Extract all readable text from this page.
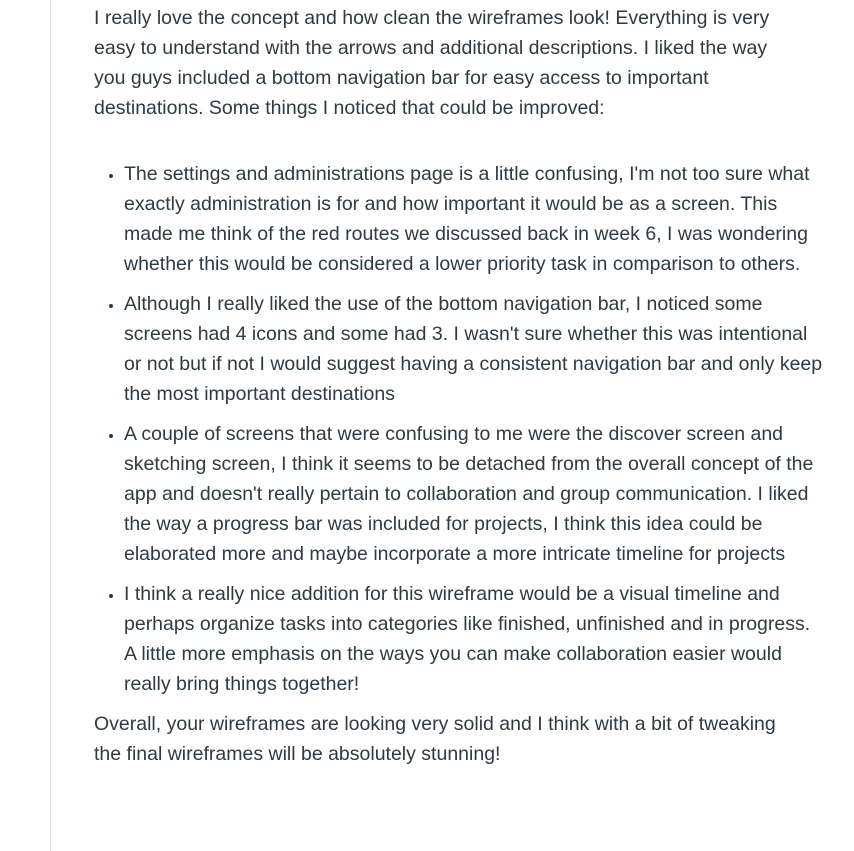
I really love the concept and how clean the wireframes look! Everything is very easy to understand with the arrows and additional descriptions. I liked the way you guys included a bottom navigation bar for easy access to important destinations. Some things I noticed that could be improved:

• The settings and administrations page is a little confusing, I'm not too sure what exactly administration is for and how important it would be as a screen. This made me think of the red routes we discussed back in week 6, I was wondering whether this would be considered a lower priority task in comparison to others.
• Although I really liked the use of the bottom navigation bar, I noticed some screens had 4 icons and some had 3. I wasn't sure whether this was intentional or not but if not I would suggest having a consistent navigation bar and only keep the most important destinations
• A couple of screens that were confusing to me were the discover screen and sketching screen, I think it seems to be detached from the overall concept of the app and doesn't really pertain to collaboration and group communication. I liked the way a progress bar was included for projects, I think this idea could be elaborated more and maybe incorporate a more intricate timeline for projects
• I think a really nice addition for this wireframe would be a visual timeline and perhaps organize tasks into categories like finished, unfinished and in progress. A little more emphasis on the ways you can make collaboration easier would really bring things together!

Overall, your wireframes are looking very solid and I think with a bit of tweaking the final wireframes will be absolutely stunning!
